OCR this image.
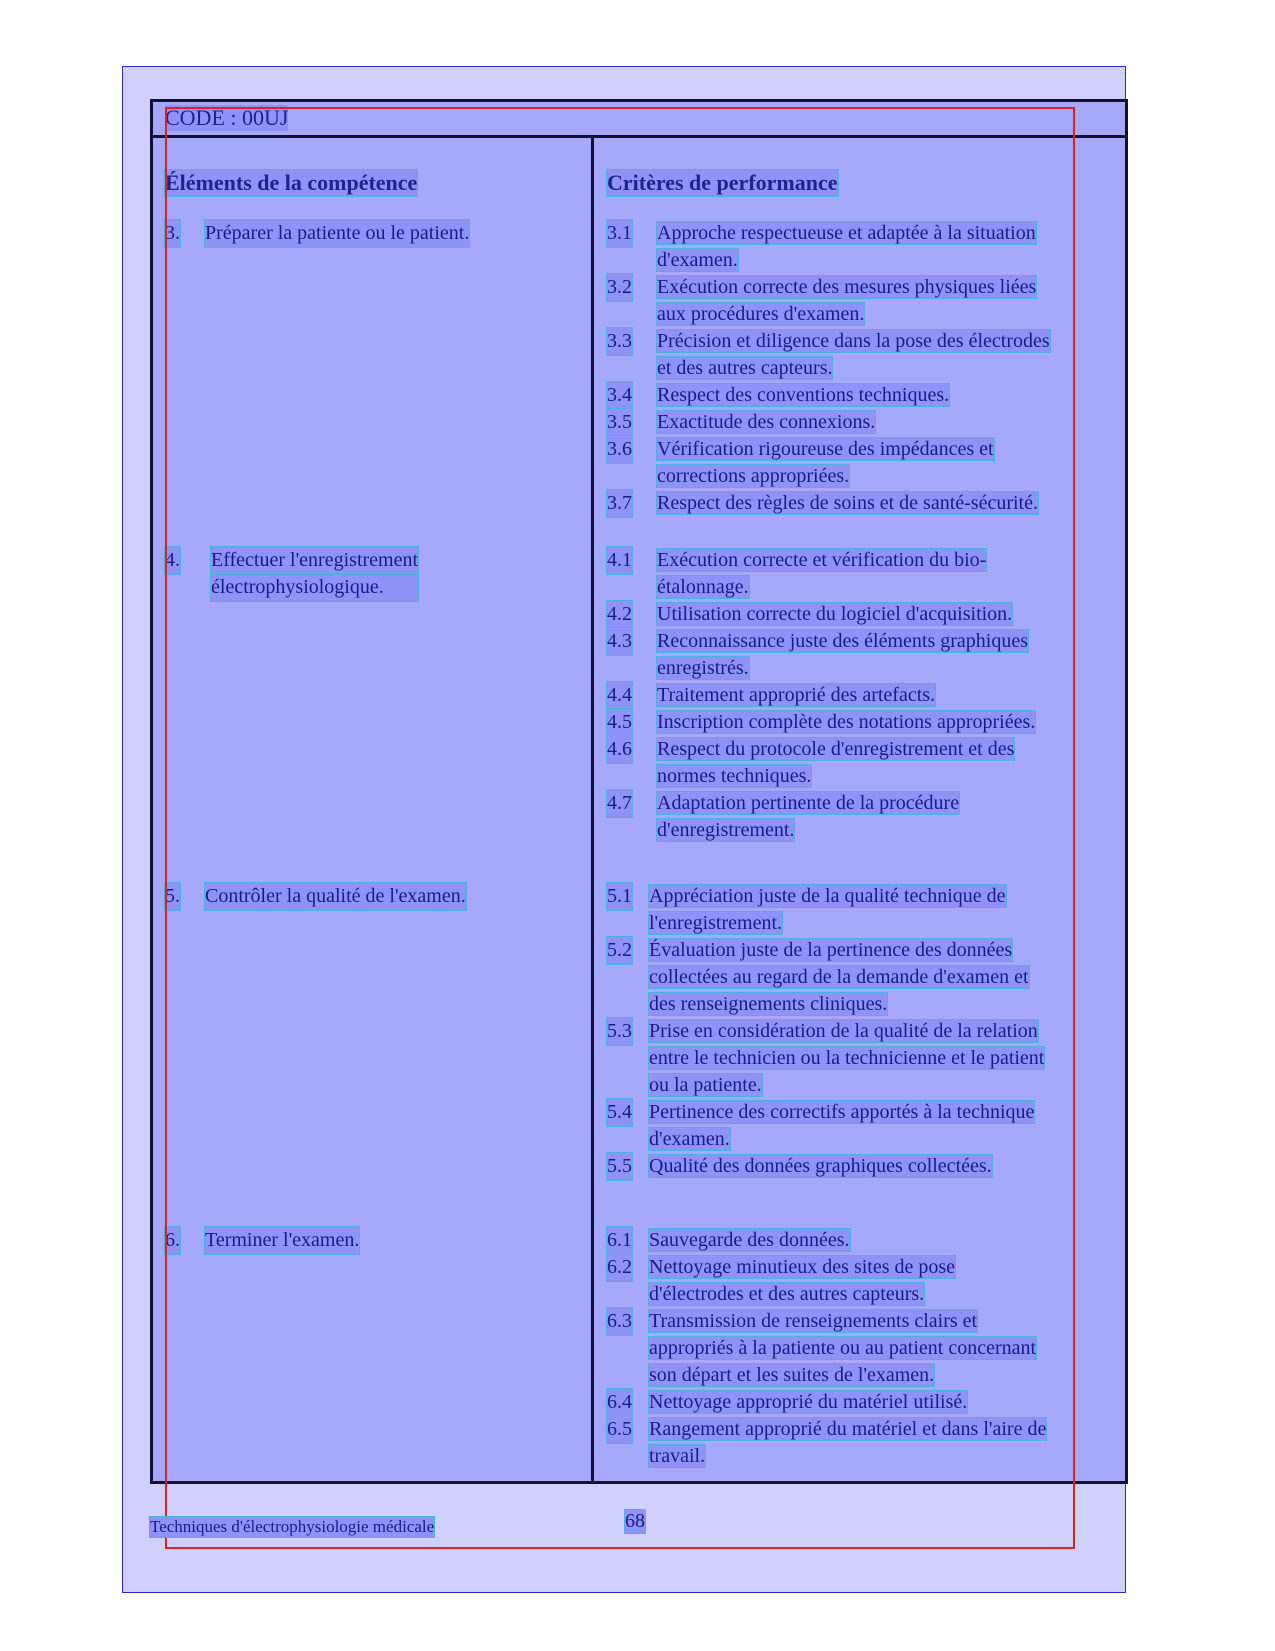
CODE : 00UJ
Éléments de la compétence	Critères de performance
3. Préparer la patiente ou le patient.
4. Effectuer l'enregistrement
électrophysiologique.
5. Contrôler la qualité de l'examen.
6. Terminer l'examen.
3.1 Approche respectueuse et adaptée à la situation
d'examen.
3.2 Exécution correcte des mesures physiques liées
aux procédures d'examen.
3.3 Précision et diligence dans la pose des électrodes
et des autres capteurs.
3.4 Respect des conventions techniques.
3.5 Exactitude des connexions.
3.6 Vérification rigoureuse des impédances et
corrections appropriées.
3.7 Respect des règles de soins et de santé-sécurité.
4.1 Exécution correcte et vérification du bio-
étalonnage.
4.2 Utilisation correcte du logiciel d'acquisition.
4.3 Reconnaissance juste des éléments graphiques
enregistrés.
4.4 Traitement approprié des artefacts.
4.5 Inscription complète des notations appropriées.
4.6 Respect du protocole d'enregistrement et des
normes techniques.
4.7 Adaptation pertinente de la procédure
d'enregistrement.
5.1 Appréciation juste de la qualité technique de
l'enregistrement.
5.2 Évaluation juste de la pertinence des données
collectées au regard de la demande d'examen et
des renseignements cliniques.
5.3 Prise en considération de la qualité de la relation
entre le technicien ou la technicienne et le patient
ou la patiente.
5.4 Pertinence des correctifs apportés à la technique
d'examen.
5.5 Qualité des données graphiques collectées.
6.1 Sauvegarde des données.
6.2 Nettoyage minutieux des sites de pose
d'électrodes et des autres capteurs.
6.3 Transmission de renseignements clairs et
appropriés à la patiente ou au patient concernant
son départ et les suites de l'examen.
6.4 Nettoyage approprié du matériel utilisé.
6.5 Rangement approprié du matériel et dans l'aire de
travail.
Techniques d'électrophysiologie médicale	68
